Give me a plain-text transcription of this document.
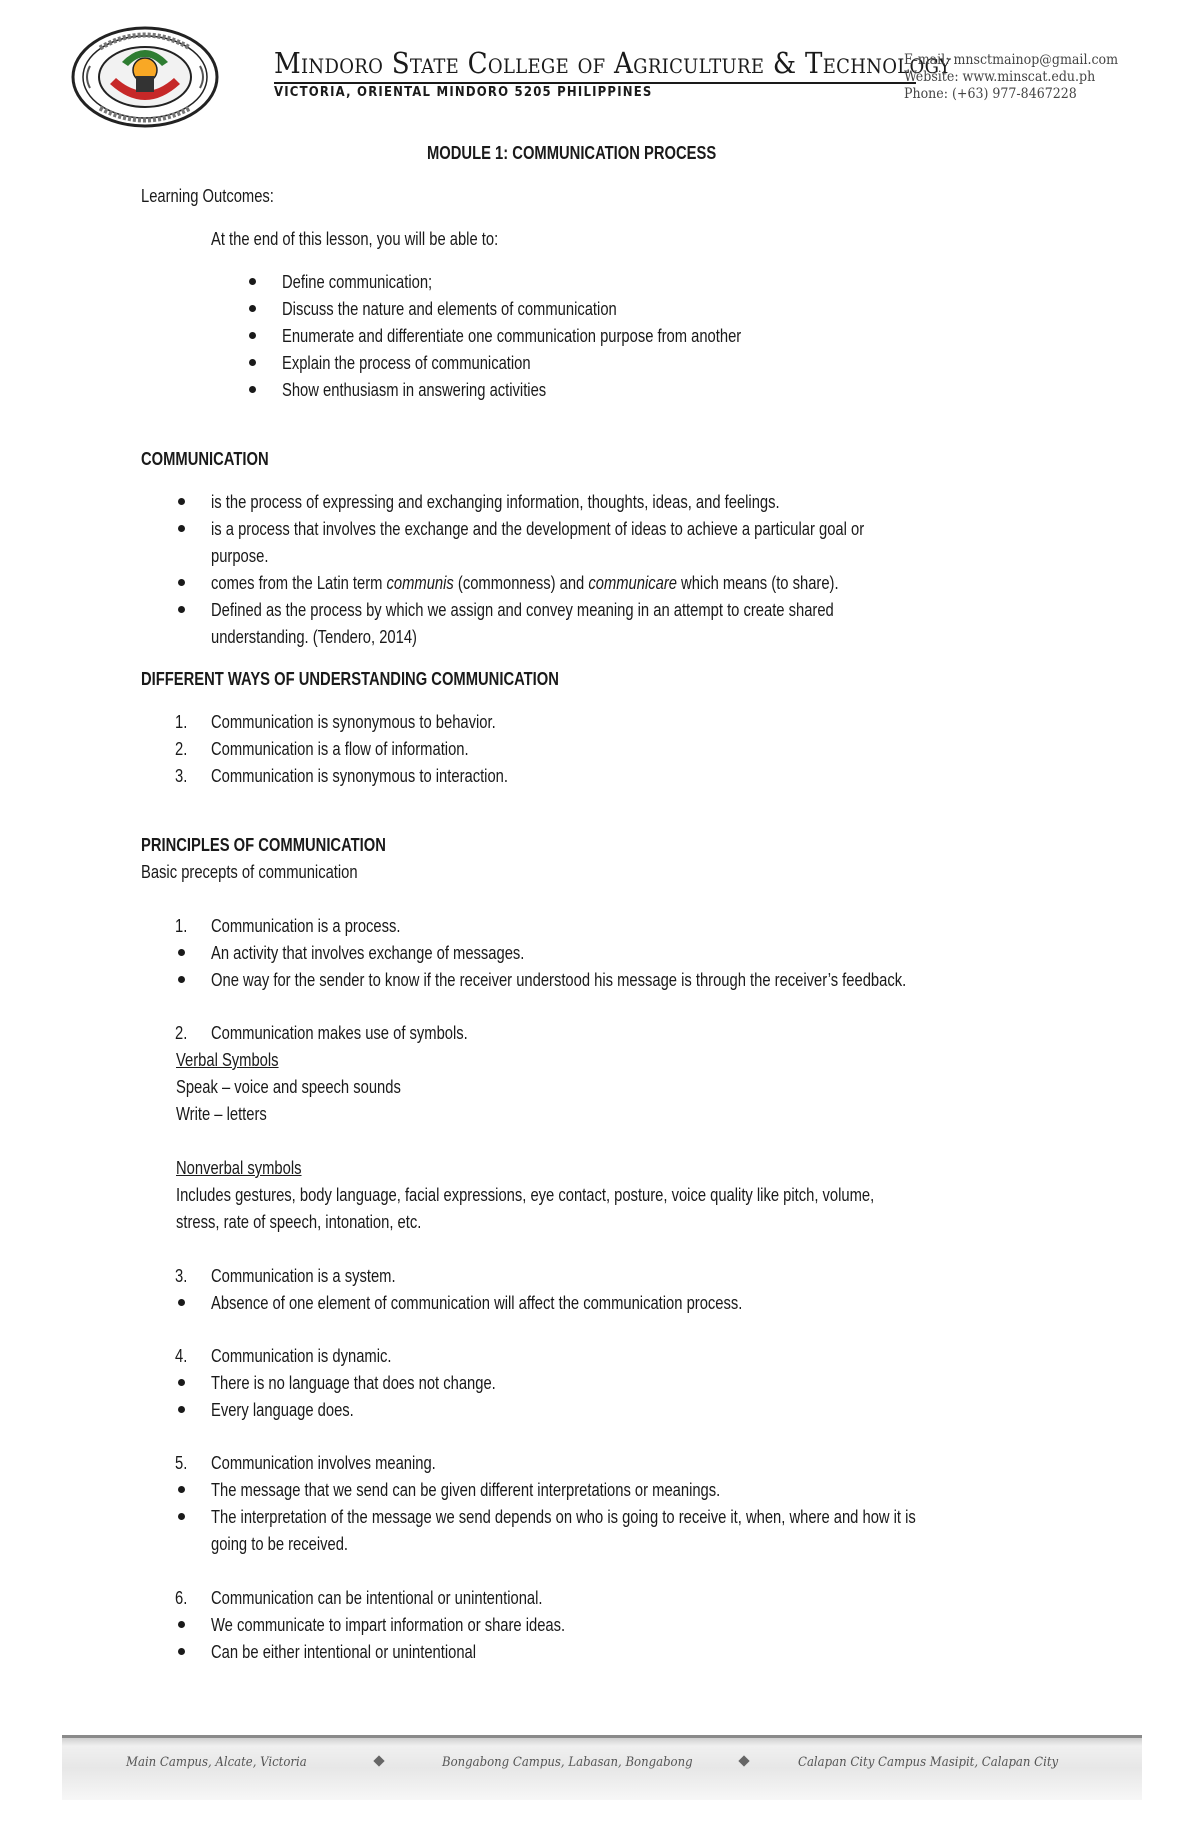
Mindoro State College of Agriculture & Technology
VICTORIA, ORIENTAL MINDORO 5205 PHILIPPINES
E-mail: mnsctmainop@gmail.com
Website: www.minscat.edu.ph
Phone: (+63) 977-8467228
MODULE 1: COMMUNICATION PROCESS
Learning Outcomes:
At the end of this lesson, you will be able to:
Define communication;
Discuss the nature and elements of communication
Enumerate and differentiate one communication purpose from another
Explain the process of communication
Show enthusiasm in answering activities
COMMUNICATION
is the process of expressing and exchanging information, thoughts, ideas, and feelings.
is a process that involves the exchange and the development of ideas to achieve a particular goal or
purpose.
comes from the Latin term communis (commonness) and communicare which means (to share).
Defined as the process by which we assign and convey meaning in an attempt to create shared
understanding. (Tendero, 2014)
DIFFERENT WAYS OF UNDERSTANDING COMMUNICATION
1. Communication is synonymous to behavior.
2. Communication is a flow of information.
3. Communication is synonymous to interaction.
PRINCIPLES OF COMMUNICATION
Basic precepts of communication
1. Communication is a process.
An activity that involves exchange of messages.
One way for the sender to know if the receiver understood his message is through the receiver’s feedback.
2. Communication makes use of symbols.
Verbal Symbols
Speak – voice and speech sounds
Write – letters
Nonverbal symbols
Includes gestures, body language, facial expressions, eye contact, posture, voice quality like pitch, volume,
stress, rate of speech, intonation, etc.
3. Communication is a system.
Absence of one element of communication will affect the communication process.
4. Communication is dynamic.
There is no language that does not change.
Every language does.
5. Communication involves meaning.
The message that we send can be given different interpretations or meanings.
The interpretation of the message we send depends on who is going to receive it, when, where and how it is
going to be received.
6. Communication can be intentional or unintentional.
We communicate to impart information or share ideas.
Can be either intentional or unintentional
Main Campus, Alcate, Victoria	Bongabong Campus, Labasan, Bongabong	Calapan City Campus Masipit, Calapan City
